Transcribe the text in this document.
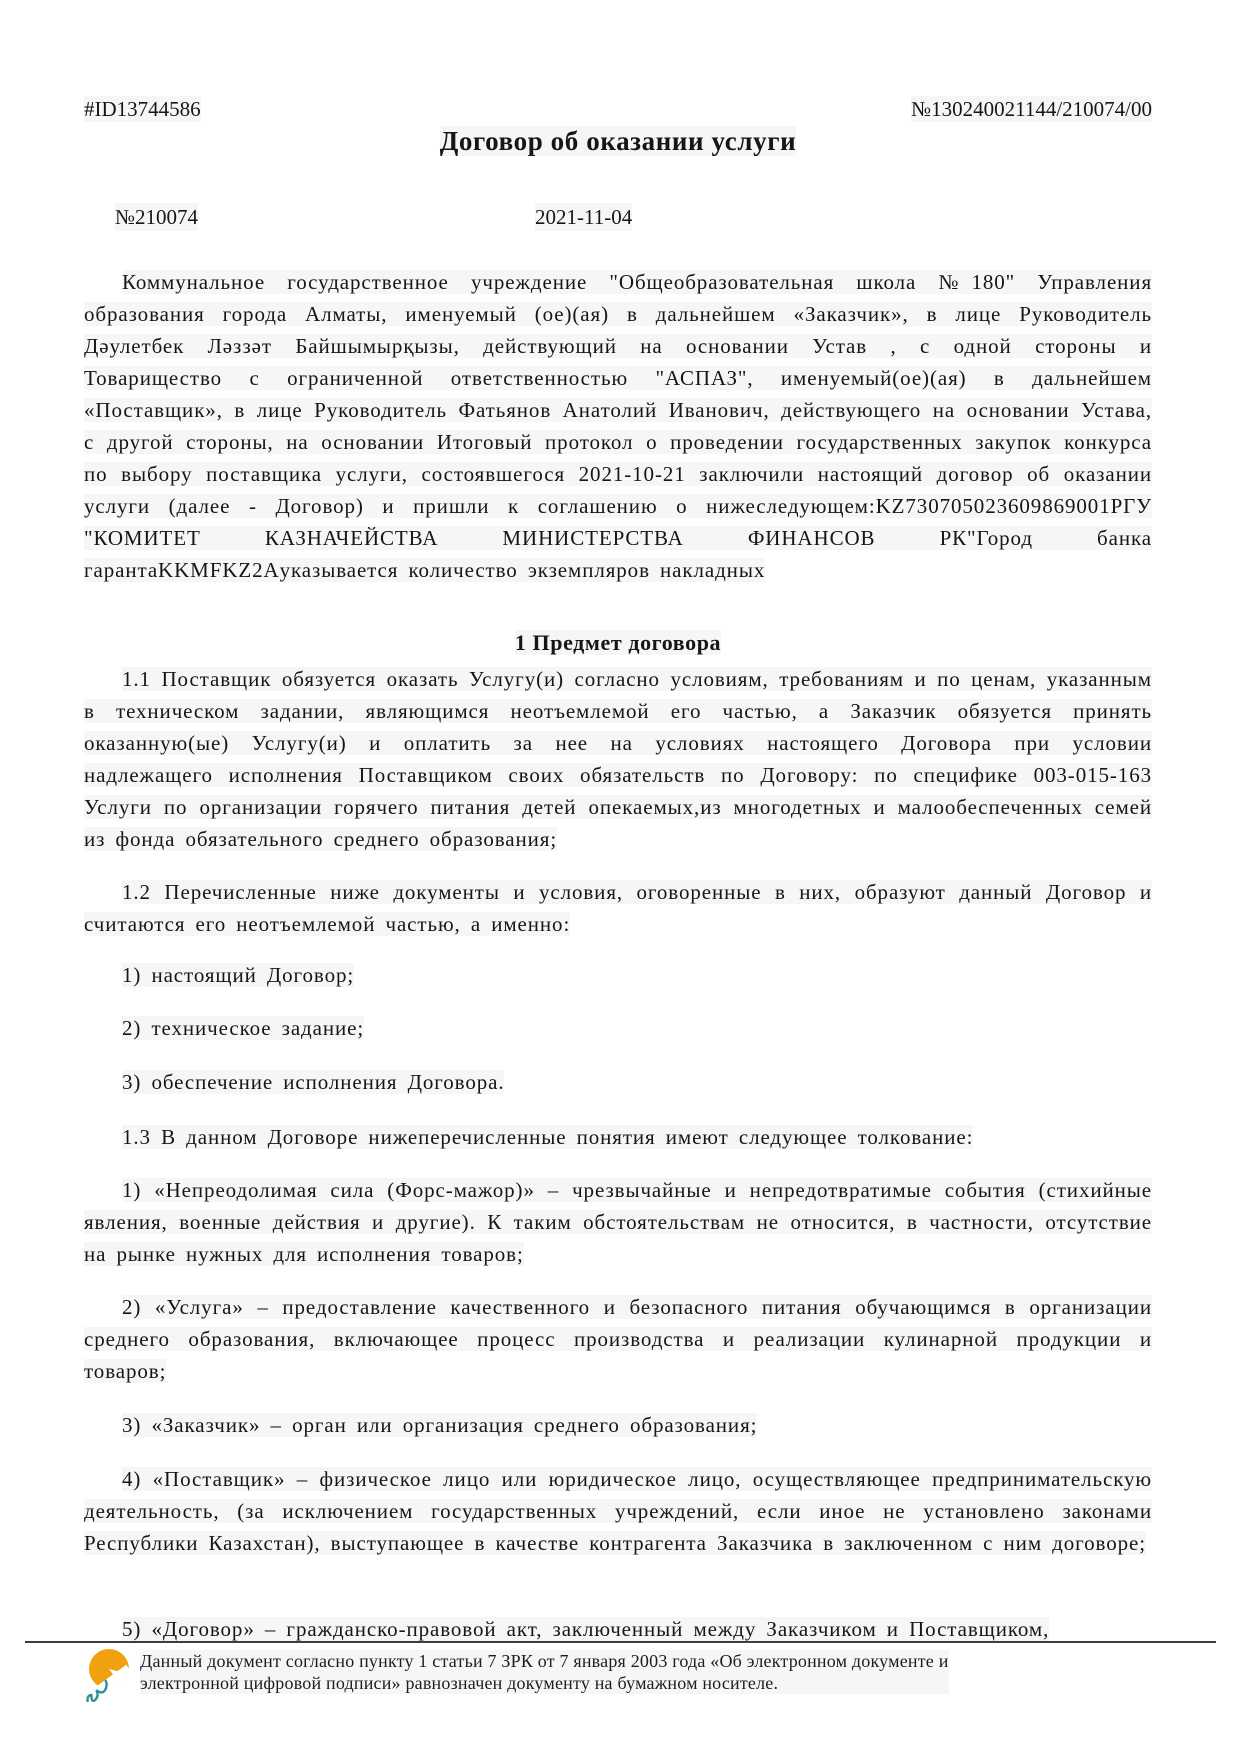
#ID13744586	№130240021144/210074/00
Договор об оказании услуги
№210074	2021-11-04

Коммунальное государственное учреждение "Общеобразовательная школа №180" Управления образования города Алматы, именуемый (ое)(ая) в дальнейшем «Заказчик», в лице Руководитель Дәулетбек Ләззәт Байшымырқызы, действующий на основании Устав , с одной стороны и Товарищество с ограниченной ответственностью "АСПАЗ", именуемый(ое)(ая) в дальнейшем «Поставщик», в лице Руководитель Фатьянов Анатолий Иванович, действующего на основании Устава, с другой стороны, на основании Итоговый протокол о проведении государственных закупок конкурса по выбору поставщика услуги, состоявшегося 2021-10-21 заключили настоящий договор об оказании услуги (далее - Договор) и пришли к соглашению о нижеследующем:KZ730705023609869001РГУ "КОМИТЕТ КАЗНАЧЕЙСТВА МИНИСТЕРСТВА ФИНАНСОВ РК"Город банка гарантаKKMFKZ2Aуказывается количество экземпляров накладных

1 Предмет договора

1.1 Поставщик обязуется оказать Услугу(и) согласно условиям, требованиям и по ценам, указанным в техническом задании, являющимся неотъемлемой его частью, а Заказчик обязуется принять оказанную(ые) Услугу(и) и оплатить за нее на условиях настоящего Договора при условии надлежащего исполнения Поставщиком своих обязательств по Договору: по специфике 003-015-163 Услуги по организации горячего питания детей опекаемых,из многодетных и малообеспеченных семей из фонда обязательного среднего образования;

1.2 Перечисленные ниже документы и условия, оговоренные в них, образуют данный Договор и считаются его неотъемлемой частью, а именно:

1) настоящий Договор;

2) техническое задание;

3) обеспечение исполнения Договора.

1.3 В данном Договоре нижеперечисленные понятия имеют следующее толкование:

1) «Непреодолимая сила (Форс-мажор)» – чрезвычайные и непредотвратимые события (стихийные явления, военные действия и другие). К таким обстоятельствам не относится, в частности, отсутствие на рынке нужных для исполнения товаров;

2) «Услуга» – предоставление качественного и безопасного питания обучающимся в организации среднего образования, включающее процесс производства и реализации кулинарной продукции и товаров;

3) «Заказчик» – орган или организация среднего образования;

4) «Поставщик» – физическое лицо или юридическое лицо, осуществляющее предпринимательскую деятельность, (за исключением государственных учреждений, если иное не установлено законами Республики Казахстан), выступающее в качестве контрагента Заказчика в заключенном с ним договоре;

5) «Договор» – гражданско-правовой акт, заключенный между Заказчиком и Поставщиком,

Данный документ согласно пункту 1 статьи 7 ЗРК от 7 января 2003 года «Об электронном документе и
электронной цифровой подписи» равнозначен документу на бумажном носителе.
